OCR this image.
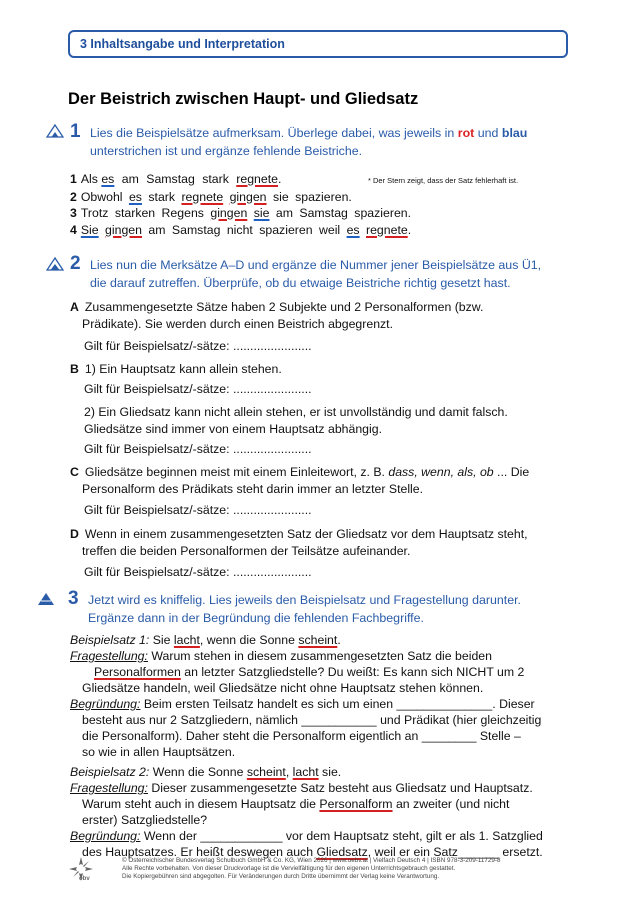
3 Inhaltsangabe und Interpretation
Der Beistrich zwischen Haupt- und Gliedsatz
1 Lies die Beispielsätze aufmerksam. Überlege dabei, was jeweils in rot und blau
unterstrichen ist und ergänze fehlende Beistriche.
1 Als es am Samstag stark regnete.	* Der Stern zeigt, dass der Satz fehlerhaft ist.
2 Obwohl es stark regnete gingen sie spazieren.
3 Trotz starken Regens gingen sie am Samstag spazieren.
4 Sie gingen am Samstag nicht spazieren weil es regnete.
2 Lies nun die Merksätze A–D und ergänze die Nummer jener Beispielsätze aus Ü1,
die darauf zutreffen. Überprüfe, ob du etwaige Beistriche richtig gesetzt hast.
A Zusammengesetzte Sätze haben 2 Subjekte und 2 Personalformen (bzw.
Prädikate). Sie werden durch einen Beistrich abgegrenzt.
Gilt für Beispielsatz/-sätze: .......................
B 1) Ein Hauptsatz kann allein stehen.
Gilt für Beispielsatz/-sätze: .......................
2) Ein Gliedsatz kann nicht allein stehen, er ist unvollständig und damit falsch.
Gliedsätze sind immer von einem Hauptsatz abhängig.
Gilt für Beispielsatz/-sätze: .......................
C Gliedsätze beginnen meist mit einem Einleitewort, z. B. dass, wenn, als, ob ... Die
Personalform des Prädikats steht darin immer an letzter Stelle.
Gilt für Beispielsatz/-sätze: .......................
D Wenn in einem zusammengesetzten Satz der Gliedsatz vor dem Hauptsatz steht,
treffen die beiden Personalformen der Teilsätze aufeinander.
Gilt für Beispielsatz/-sätze: .......................
3 Jetzt wird es kniffelig. Lies jeweils den Beispielsatz und Fragestellung darunter.
Ergänze dann in der Begründung die fehlenden Fachbegriffe.
Beispielsatz 1: Sie lacht, wenn die Sonne scheint.
Fragestellung: Warum stehen in diesem zusammengesetzten Satz die beiden
Personalformen an letzter Satzgliedstelle? Du weißt: Es kann sich NICHT um 2
Gliedsätze handeln, weil Gliedsätze nicht ohne Hauptsatz stehen können.
Begründung: Beim ersten Teilsatz handelt es sich um einen ______________. Dieser
besteht aus nur 2 Satzgliedern, nämlich ___________ und Prädikat (hier gleichzeitig
die Personalform). Daher steht die Personalform eigentlich an ________ Stelle –
so wie in allen Hauptsätzen.
Beispielsatz 2: Wenn die Sonne scheint, lacht sie.
Fragestellung: Dieser zusammengesetzte Satz besteht aus Gliedsatz und Hauptsatz.
Warum steht auch in diesem Hauptsatz die Personalform an zweiter (und nicht
erster) Satzgliedstelle?
Begründung: Wenn der ____________ vor dem Hauptsatz steht, gilt er als 1. Satzglied
des Hauptsatzes. Er heißt deswegen auch Gliedsatz, weil er ein Satz______ ersetzt.
öbv
© Österreichischer Bundesverlag Schulbuch GmbH & Co. KG, Wien 2026 | www.oebv.at | Vielfach Deutsch 4 | ISBN 978-3-209-11729-8
Alle Rechte vorbehalten. Von dieser Druckvorlage ist die Vervielfältigung für den eigenen Unterrichtsgebrauch gestattet.
Die Kopiergebühren sind abgegolten. Für Veränderungen durch Dritte übernimmt der Verlag keine Verantwortung.
